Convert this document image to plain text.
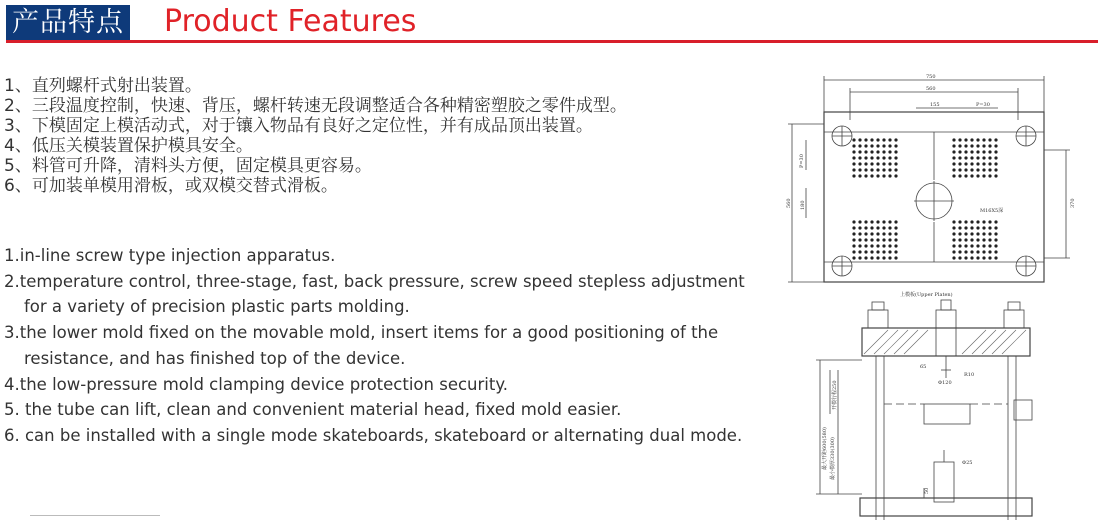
产品特点 Product Features
1、直列螺杆式射出装置。
2、三段温度控制，快速、背压，螺杆转速无段调整适合各种精密塑胶之零件成型。
3、下模固定上模活动式，对于镶入物品有良好之定位性，并有成品顶出装置。
4、低压关模装置保护模具安全。
5、料管可升降，清料头方便，固定模具更容易。
6、可加装单模用滑板，或双模交替式滑板。
1.in-line screw type injection apparatus.
2.temperature control, three-stage, fast, back pressure, screw speed stepless adjustment for a variety of precision plastic parts molding.
3.the lower mold fixed on the movable mold, insert items for a good positioning of the resistance, and has finished top of the device.
4.the low-pressure mold clamping device protection security.
5. the tube can lift, clean and convenient material head, fixed mold easier.
6. can be installed with a single mode skateboards, skateboard or alternating dual mode.
750
560
155	P=30
P=30
560 180	370
M16X5深
上模板(Upper Platen)
Φ120
65
R10
开模行程250
最大开距600(580) 最小模厚330(300)	Φ25
50
